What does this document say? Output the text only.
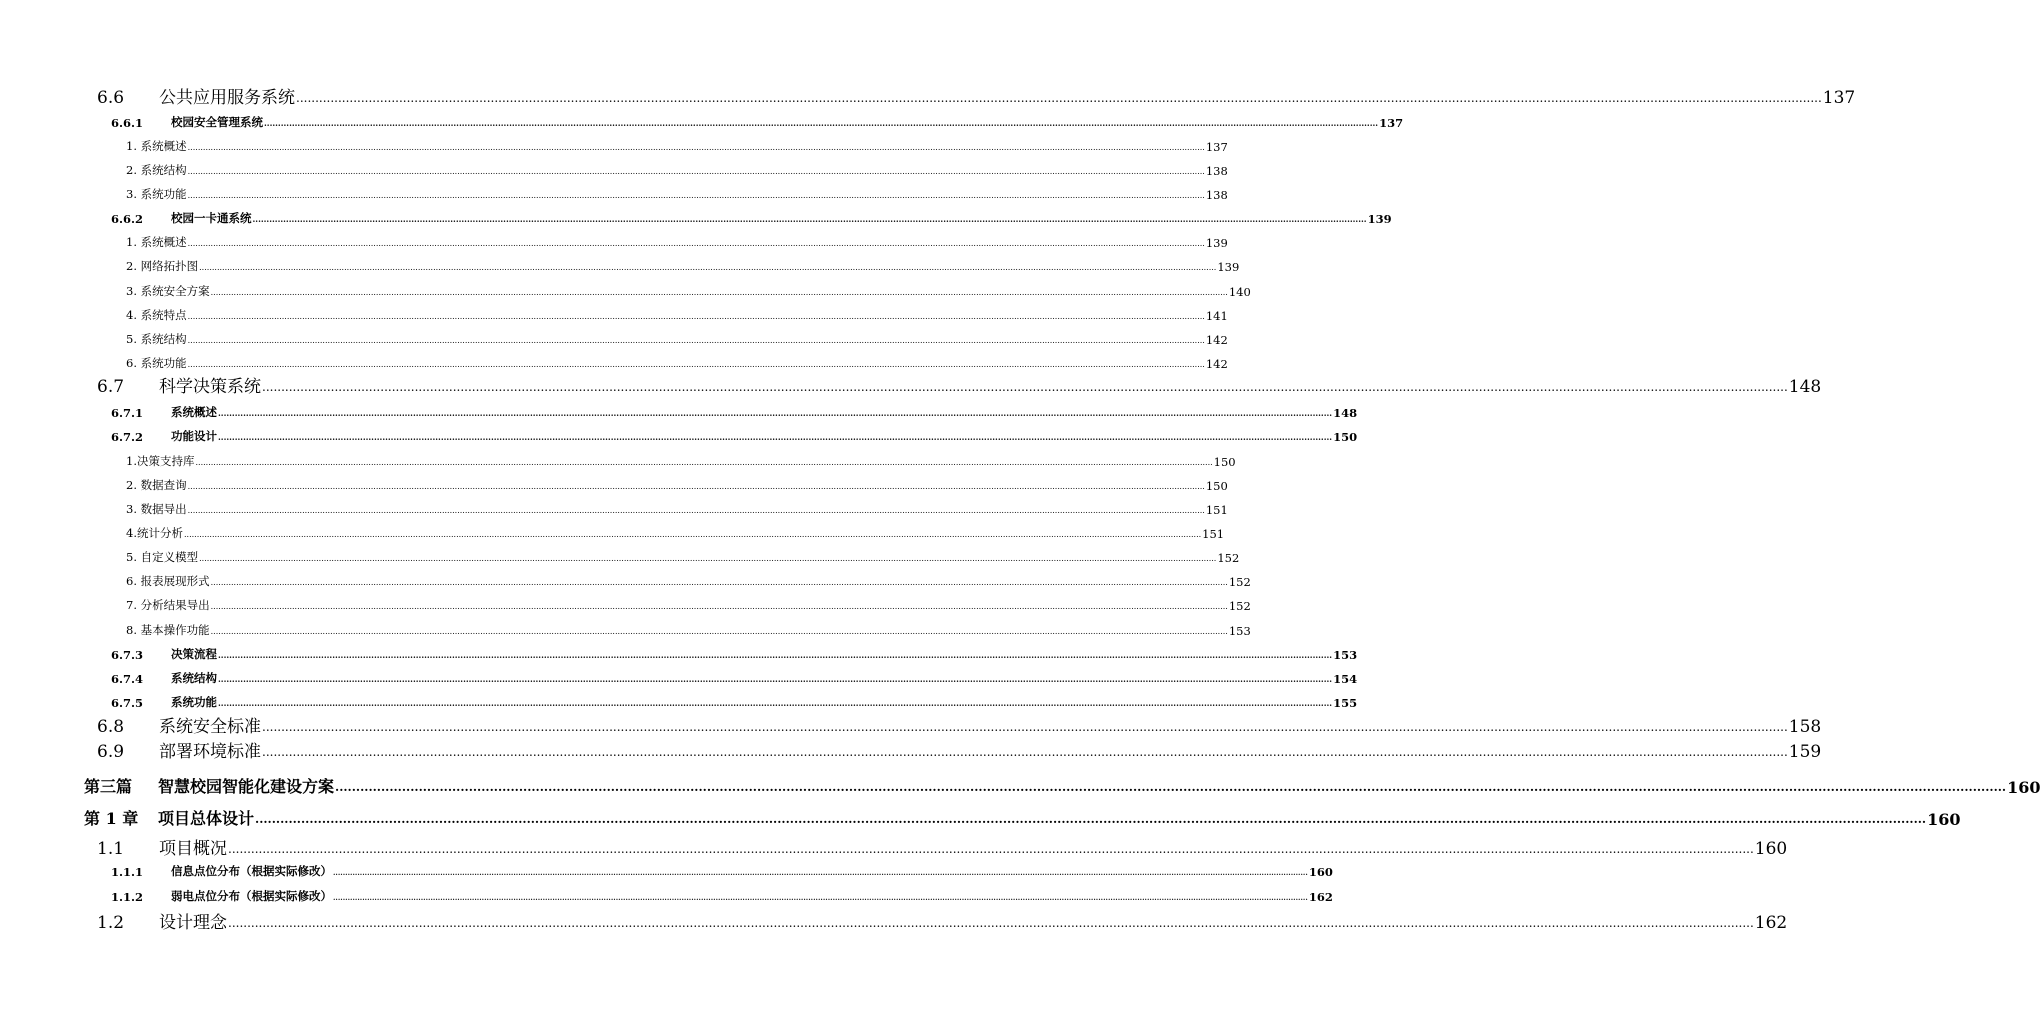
6.6	公共应用服务系统 ................................................................................................................................................................................................................................................................................................................................................................................................................ 137
6.6.1	校园安全管理系统 ................................................................................................................................................................................................................................................................................................................................................................................................................ 137
1. 系统概述 ................................................................................................................................................................................................................................................................................................................................................................................................................ 137
2. 系统结构 ................................................................................................................................................................................................................................................................................................................................................................................................................ 138
3. 系统功能 ................................................................................................................................................................................................................................................................................................................................................................................................................ 138
6.6.2	校园一卡通系统 ................................................................................................................................................................................................................................................................................................................................................................................................................ 139
1. 系统概述 ................................................................................................................................................................................................................................................................................................................................................................................................................ 139
2. 网络拓扑图 ................................................................................................................................................................................................................................................................................................................................................................................................................ 139
3. 系统安全方案 ................................................................................................................................................................................................................................................................................................................................................................................................................ 140
4. 系统特点 ................................................................................................................................................................................................................................................................................................................................................................................................................ 141
5. 系统结构 ................................................................................................................................................................................................................................................................................................................................................................................................................ 142
6. 系统功能 ................................................................................................................................................................................................................................................................................................................................................................................................................ 142
6.7	科学决策系统 ................................................................................................................................................................................................................................................................................................................................................................................................................ 148
6.7.1	系统概述 ................................................................................................................................................................................................................................................................................................................................................................................................................ 148
6.7.2	功能设计 ................................................................................................................................................................................................................................................................................................................................................................................................................ 150
1.决策支持库 ................................................................................................................................................................................................................................................................................................................................................................................................................ 150
2. 数据查询 ................................................................................................................................................................................................................................................................................................................................................................................................................ 150
3. 数据导出 ................................................................................................................................................................................................................................................................................................................................................................................................................ 151
4.统计分析 ................................................................................................................................................................................................................................................................................................................................................................................................................ 151
5. 自定义模型 ................................................................................................................................................................................................................................................................................................................................................................................................................ 152
6. 报表展现形式 ................................................................................................................................................................................................................................................................................................................................................................................................................ 152
7. 分析结果导出 ................................................................................................................................................................................................................................................................................................................................................................................................................ 152
8. 基本操作功能 ................................................................................................................................................................................................................................................................................................................................................................................................................ 153
6.7.3	决策流程 ................................................................................................................................................................................................................................................................................................................................................................................................................ 153
6.7.4	系统结构 ................................................................................................................................................................................................................................................................................................................................................................................................................ 154
6.7.5	系统功能 ................................................................................................................................................................................................................................................................................................................................................................................................................ 155
6.8	系统安全标准 ................................................................................................................................................................................................................................................................................................................................................................................................................ 158
6.9	部署环境标准 ................................................................................................................................................................................................................................................................................................................................................................................................................ 159
第三篇	智慧校园智能化建设方案 ................................................................................................................................................................................................................................................................................................................................................................................................................ 160
第 1 章	项目总体设计 ................................................................................................................................................................................................................................................................................................................................................................................................................ 160
1.1	项目概况 ................................................................................................................................................................................................................................................................................................................................................................................................................ 160
1.1.1	信息点位分布（根据实际修改） ................................................................................................................................................................................................................................................................................................................................................................................................................ 160
1.1.2	弱电点位分布（根据实际修改） ................................................................................................................................................................................................................................................................................................................................................................................................................ 162
1.2	设计理念 ................................................................................................................................................................................................................................................................................................................................................................................................................ 162
